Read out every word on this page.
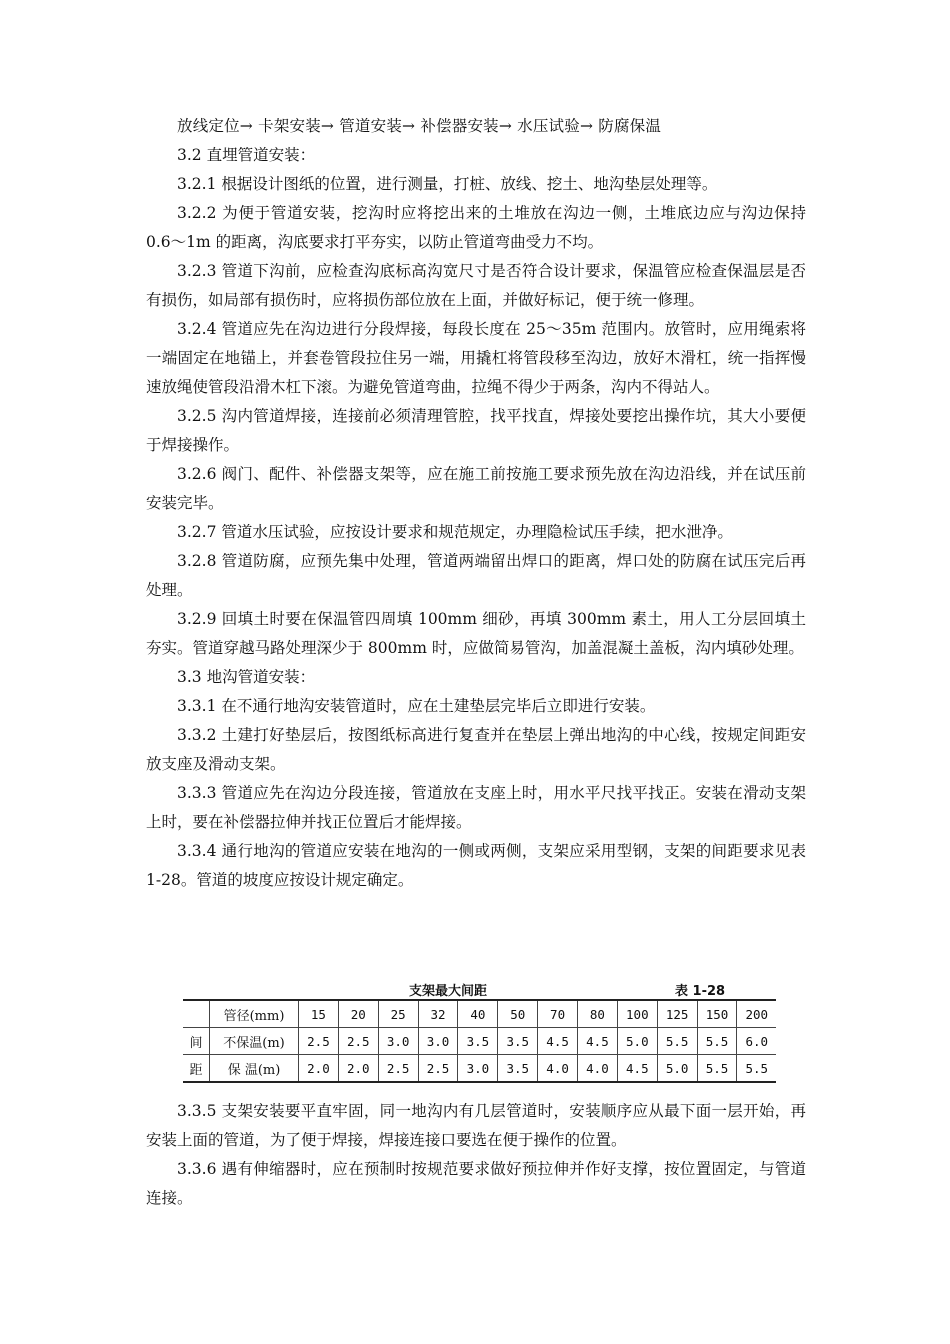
放线定位→ 卡架安装→ 管道安装→ 补偿器安装→ 水压试验→ 防腐保温

3.2 直埋管道安装：

3.2.1 根据设计图纸的位置，进行测量，打桩、放线、挖土、地沟垫层处理等。

3.2.2 为便于管道安装，挖沟时应将挖出来的土堆放在沟边一侧，土堆底边应与沟边保持 0.6～1m 的距离，沟底要求打平夯实，以防止管道弯曲受力不均。

3.2.3 管道下沟前，应检查沟底标高沟宽尺寸是否符合设计要求，保温管应检查保温层是否有损伤，如局部有损伤时，应将损伤部位放在上面，并做好标记，便于统一修理。

3.2.4 管道应先在沟边进行分段焊接，每段长度在 25～35m 范围内。放管时，应用绳索将一端固定在地锚上，并套卷管段拉住另一端，用撬杠将管段移至沟边，放好木滑杠，统一指挥慢速放绳使管段沿滑木杠下滚。为避免管道弯曲，拉绳不得少于两条，沟内不得站人。

3.2.5 沟内管道焊接，连接前必须清理管腔，找平找直，焊接处要挖出操作坑，其大小要便于焊接操作。

3.2.6 阀门、配件、补偿器支架等，应在施工前按施工要求预先放在沟边沿线，并在试压前安装完毕。

3.2.7 管道水压试验，应按设计要求和规范规定，办理隐检试压手续，把水泄净。

3.2.8 管道防腐，应预先集中处理，管道两端留出焊口的距离，焊口处的防腐在试压完后再处理。

3.2.9 回填土时要在保温管四周填 100mm 细砂，再填 300mm 素土，用人工分层回填土夯实。管道穿越马路处理深少于 800mm 时，应做简易管沟，加盖混凝土盖板，沟内填砂处理。

3.3 地沟管道安装：

3.3.1 在不通行地沟安装管道时，应在土建垫层完毕后立即进行安装。

3.3.2 土建打好垫层后，按图纸标高进行复查并在垫层上弹出地沟的中心线，按规定间距安放支座及滑动支架。

3.3.3 管道应先在沟边分段连接，管道放在支座上时，用水平尺找平找正。安装在滑动支架上时，要在补偿器拉伸并找正位置后才能焊接。

3.3.4 通行地沟的管道应安装在地沟的一侧或两侧，支架应采用型钢，支架的间距要求见表 1-28。管道的坡度应按设计规定确定。

支架最大间距	表 1-28
	管径(mm)	15	20	25	32	40	50	70	80	100	125	150	200
间	不保温(m)	2.5	2.5	3.0	3.0	3.5	3.5	4.5	4.5	5.0	5.5	5.5	6.0
距	保 温(m)	2.0	2.0	2.5	2.5	3.0	3.5	4.0	4.0	4.5	5.0	5.5	5.5

3.3.5 支架安装要平直牢固，同一地沟内有几层管道时，安装顺序应从最下面一层开始，再安装上面的管道，为了便于焊接，焊接连接口要选在便于操作的位置。

3.3.6 遇有伸缩器时，应在预制时按规范要求做好预拉伸并作好支撑，按位置固定，与管道连接。
